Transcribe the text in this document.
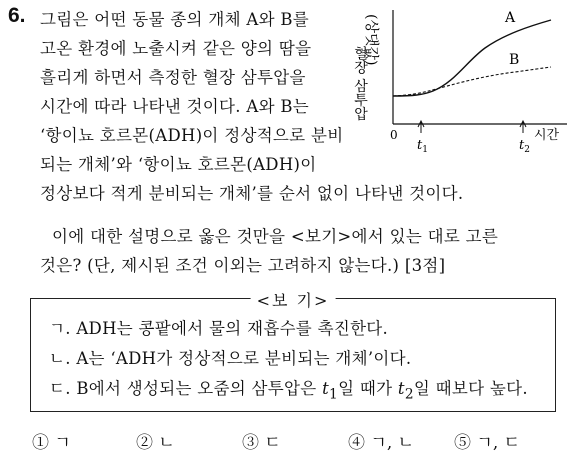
6. 그림은 어떤 동물 종의 개체 A와 B를
고온 환경에 노출시켜 같은 양의 땀을
흘리게 하면서 측정한 혈장 삼투압을
시간에 따라 나타낸 것이다. A와 B는
‘항이뇨 호르몬(ADH)이 정상적으로 분비
되는 개체’와 ‘항이뇨 호르몬(ADH)이
정상보다 적게 분비되는 개체’를 순서 없이 나타낸 것이다.
(상댓값)
혈장 삼투압
A
B
0
$t_1$	$t_2$
시간
이에 대한 설명으로 옳은 것만을 <보기>에서 있는 대로 고른
것은? (단, 제시된 조건 이외는 고려하지 않는다.) [3점]
<보 기>
ㄱ. ADH는 콩팥에서 물의 재흡수를 촉진한다.
ㄴ. A는 ‘ADH가 정상적으로 분비되는 개체’이다.
ㄷ. B에서 생성되는 오줌의 삼투압은 $t_1$일 때가 $t_2$일 때보다 높다.
① ㄱ	② ㄴ	③ ㄷ	④ ㄱ, ㄴ ⑤ ㄱ, ㄷ
